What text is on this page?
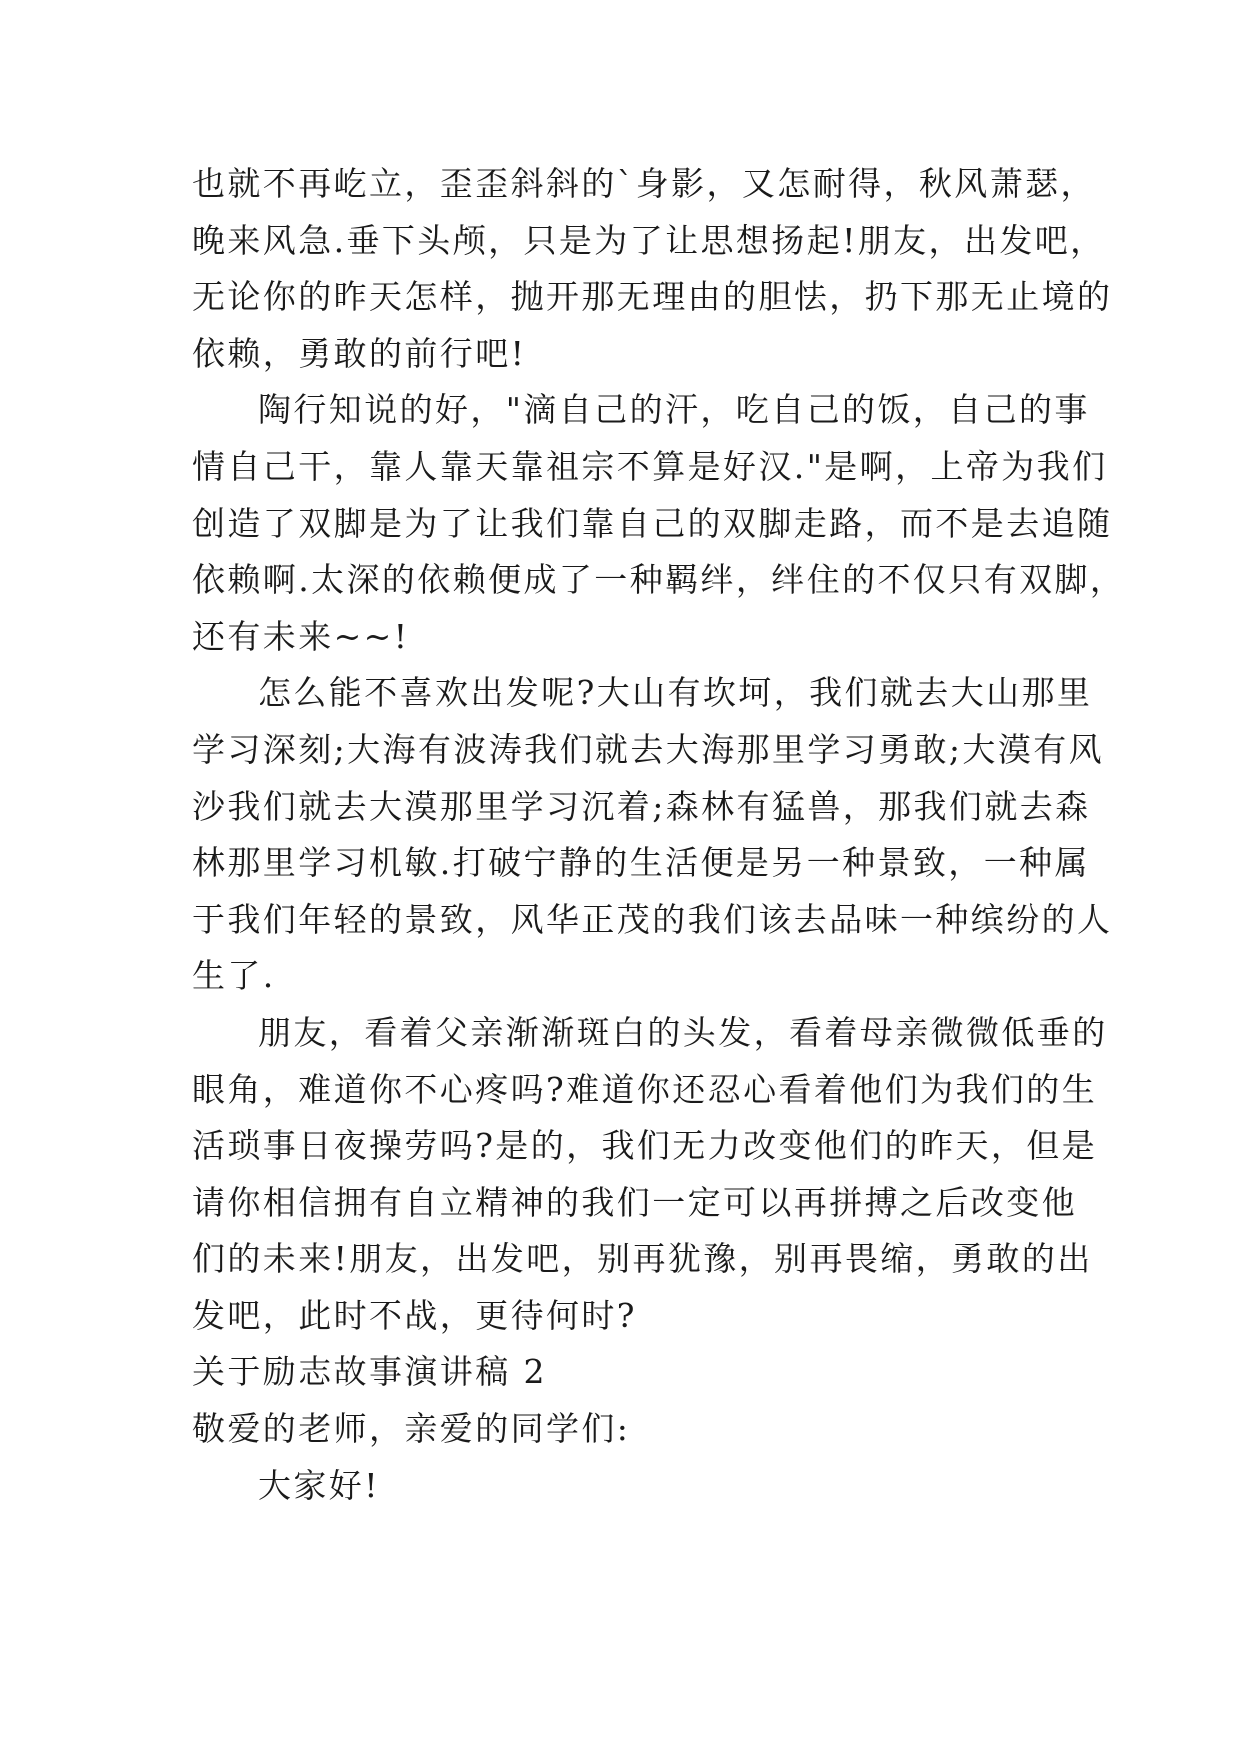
也就不再屹立，歪歪斜斜的`身影，又怎耐得，秋风萧瑟，
晚来风急.垂下头颅，只是为了让思想扬起!朋友，出发吧，
无论你的昨天怎样，抛开那无理由的胆怯，扔下那无止境的
依赖，勇敢的前行吧!

陶行知说的好，"滴自己的汗，吃自己的饭，自己的事
情自己干，靠人靠天靠祖宗不算是好汉."是啊，上帝为我们
创造了双脚是为了让我们靠自己的双脚走路，而不是去追随
依赖啊.太深的依赖便成了一种羁绊，绊住的不仅只有双脚，
还有未来~~!

怎么能不喜欢出发呢?大山有坎坷，我们就去大山那里
学习深刻;大海有波涛我们就去大海那里学习勇敢;大漠有风
沙我们就去大漠那里学习沉着;森林有猛兽，那我们就去森
林那里学习机敏.打破宁静的生活便是另一种景致，一种属
于我们年轻的景致，风华正茂的我们该去品味一种缤纷的人
生了.

朋友，看着父亲渐渐斑白的头发，看着母亲微微低垂的
眼角，难道你不心疼吗?难道你还忍心看着他们为我们的生
活琐事日夜操劳吗?是的，我们无力改变他们的昨天，但是
请你相信拥有自立精神的我们一定可以再拼搏之后改变他
们的未来!朋友，出发吧，别再犹豫，别再畏缩，勇敢的出
发吧，此时不战，更待何时?

关于励志故事演讲稿 2

敬爱的老师，亲爱的同学们:

大家好!
